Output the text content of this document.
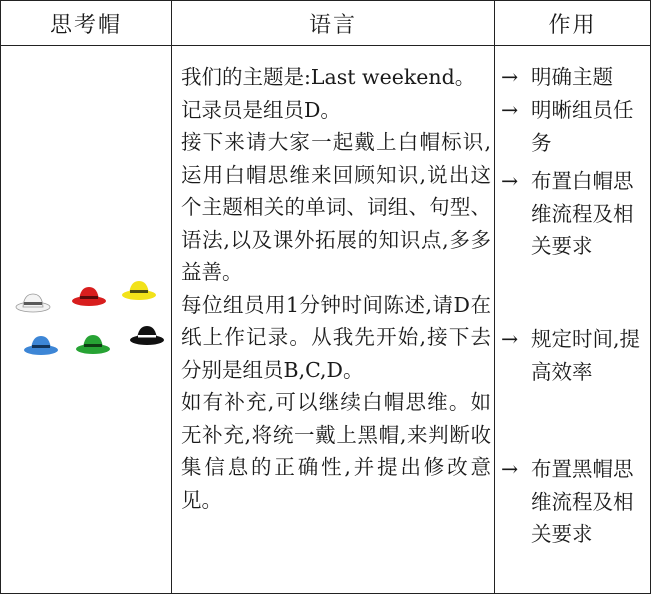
思考帽	语言	作用

我们的主题是:Last weekend。

记录员是组员D。

接下来请大家一起戴上白帽标识,运用白帽思维来回顾知识,说出这个主题相关的单词、词组、句型、语法,以及课外拓展的知识点,多多益善。

每位组员用1分钟时间陈述,请D在纸上作记录。从我先开始,接下去分别是组员B,C,D。

如有补充,可以继续白帽思维。如无补充,将统一戴上黑帽,来判断收集信息的正确性,并提出修改意见。

→ 明确主题
→ 明晰组员任务
→ 布置白帽思维流程及相关要求
→ 规定时间,提高效率
→ 布置黑帽思维流程及相关要求
